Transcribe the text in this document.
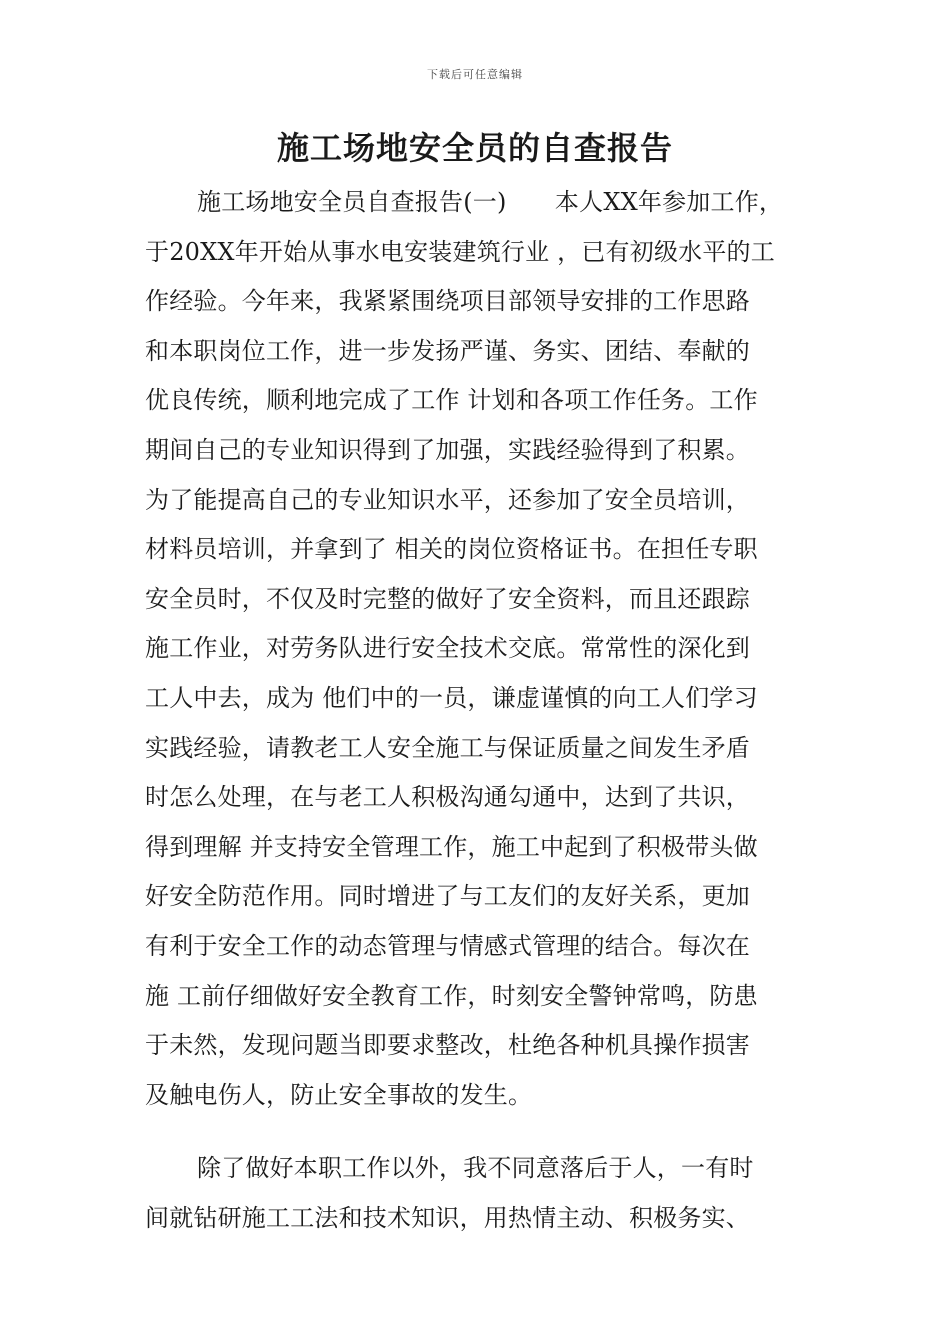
下载后可任意编辑
施工场地安全员的自查报告
施工场地安全员自查报告(一)　　本人XX年参加工作，
于20XX年开始从事水电安装建筑行业 ，已有初级水平的工
作经验。今年来，我紧紧围绕项目部领导安排的工作思路
和本职岗位工作，进一步发扬严谨、务实、团结、奉献的
优良传统，顺利地完成了工作 计划和各项工作任务。工作
期间自己的专业知识得到了加强，实践经验得到了积累。
为了能提高自己的专业知识水平，还参加了安全员培训，
材料员培训，并拿到了 相关的岗位资格证书。在担任专职
安全员时，不仅及时完整的做好了安全资料，而且还跟踪
施工作业，对劳务队进行安全技术交底。常常性的深化到
工人中去，成为 他们中的一员，谦虚谨慎的向工人们学习
实践经验，请教老工人安全施工与保证质量之间发生矛盾
时怎么处理，在与老工人积极沟通勾通中，达到了共识，
得到理解 并支持安全管理工作，施工中起到了积极带头做
好安全防范作用。同时增进了与工友们的友好关系，更加
有利于安全工作的动态管理与情感式管理的结合。每次在
施 工前仔细做好安全教育工作，时刻安全警钟常鸣，防患
于未然，发现问题当即要求整改，杜绝各种机具操作损害
及触电伤人，防止安全事故的发生。
除了做好本职工作以外，我不同意落后于人，一有时
间就钻研施工工法和技术知识，用热情主动、积极务实、
